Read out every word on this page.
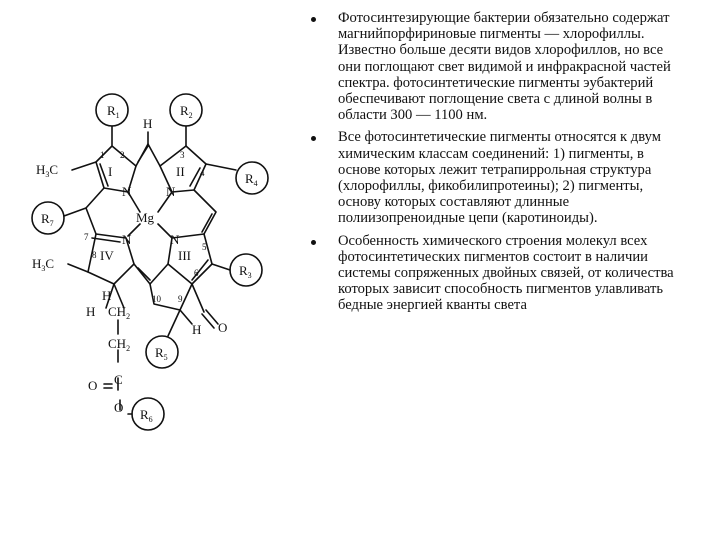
$R_1$	$R_2$
$R_4$
$R_7$
$R_3$
$R_5$
$R_6$
H
$H_3C$
$H_3C$
Mg
N	N
N	N
I	II
III
IV
H
H $CH_2$
$CH_2$
C
O
O
H O
1 2	3
4
5
6
7
8
9
10
Фотосинтезирующие бактерии обязательно содержат магнийпорфириновые пигменты — хлорофиллы. Известно больше десяти видов хлорофиллов, но все они поглощают свет видимой и инфракрасной частей спектра. фотосинтетические пигменты эубактерий обеспечивают поглощение света с длиной волны в области 300 — 1100 нм.
Все фотосинтетические пигменты относятся к двум химическим классам соединений: 1) пигменты, в основе которых лежит тетрапиррольная структура (хлорофиллы, фикобилипротеины); 2) пигменты, основу которых составляют длинные полиизопреноидные цепи (каротиноиды).
Особенность химического строения молекул всех фотосинтетических пигментов состоит в наличии системы сопряженных двойных связей, от количества которых зависит способность пигментов улавливать бедные энергией кванты света
